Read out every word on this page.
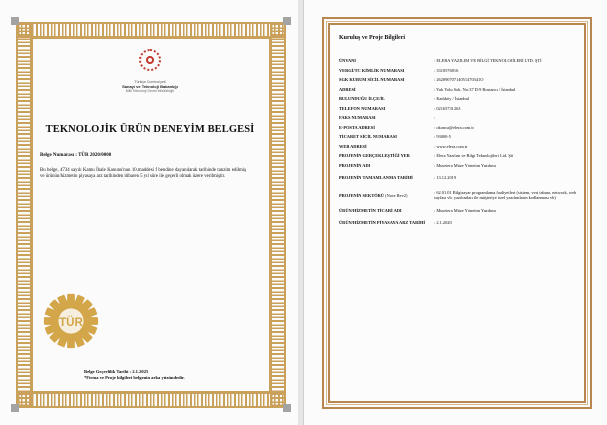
Türkiye Cumhuriyeti
Sanayi ve Teknoloji Bakanlığı
Milli Teknoloji Genel Müdürlüğü
TEKNOLOJİK ÜRÜN DENEYİM BELGESİ
Belge Numarası : TÜR 2020/0000
Bu belge, 4734 sayılı Kamu İhale Kanunu'nun 10.maddesi f bendine dayanılarak tarihinde tanzim edilmiş ve ürünün/hizmetin piyasaya arz tarihinden itibaren 5 yıl süre ile geçerli olmak üzere verilmiştir.
TÜR
Belge Geçerlilik Tarihi : 2.1.2025
*Firma ve Proje bilgileri belgenin arka yüzündedir.
Kuruluş ve Proje Bilgileri
ÜNVANI	: ELERA YAZILIM VE BİLGİ TEKNOLOJİLERİ LTD. ŞTİ
VERGİ/TC KİMLİK NUMARASI	: 3310576816
SGK KURUM SİCİL NUMARASI	: 26209070714051470341O
ADRESİ	: Yalı Yolu Sok. No:37 D:9 Bostancı / İstanbul
BULUNDUĞU İLÇE/İL	: Kadıköy / İstanbul
TELEFON NUMARASI	: 02165731263
FAKS NUMARASI	:
E-POSTA ADRESİ	: okonca@elera.com.tr
TİCARET SİCİL NUMARASI	: 93000-5
WEB ADRESİ	: www.elera.com.tr
PROJENİN GERÇEKLEŞTİĞİ YER	: Elera Yazılım ve Bilgi Teknolojileri Ltd. Şti
PROJENİN ADI	: Museiera Müze Yönetim Yazılımı
PROJENİN TAMAMLANMA TARİHİ	: 13.12.2019
PROJENİN SEKTÖRÜ (Nace Rev2)	: 62.01.01 Bilgisayar programlama faaliyetleri (sistem, veri tabanı, network, web sayfası vb. yazılımları ile müşteriye özel yazılımların kodlanması vb)
ÜRÜN/HİZMETİN TİCARİ ADI	: Museiera Müze Yönetim Yazılımı
ÜRÜN/HİZMETİN PİYASAYA ARZ TARİHİ	: 2.1.2020
